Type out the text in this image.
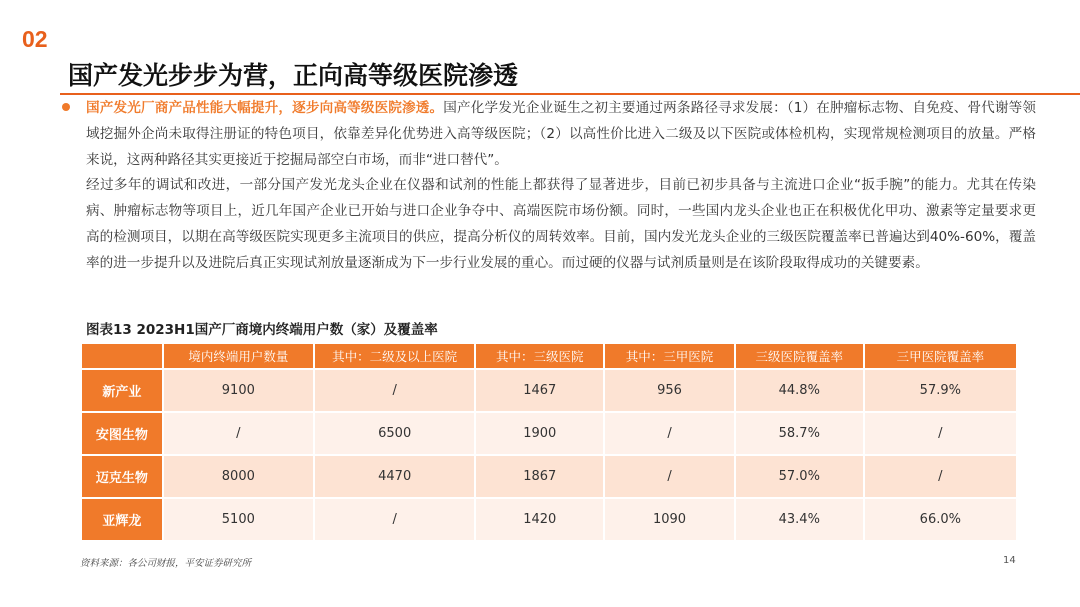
02
国产发光步步为营，正向高等级医院渗透

国产发光厂商产品性能大幅提升，逐步向高等级医院渗透。国产化学发光企业诞生之初主要通过两条路径寻求发展：（1）在肿瘤标志物、自免疫、骨代谢等领域挖掘外企尚未取得注册证的特色项目，依靠差异化优势进入高等级医院；（2）以高性价比进入二级及以下医院或体检机构，实现常规检测项目的放量。严格来说，这两种路径其实更接近于挖掘局部空白市场，而非“进口替代”。

经过多年的调试和改进，一部分国产发光龙头企业在仪器和试剂的性能上都获得了显著进步，目前已初步具备与主流进口企业“扳手腕”的能力。尤其在传染病、肿瘤标志物等项目上，近几年国产企业已开始与进口企业争夺中、高端医院市场份额。同时，一些国内龙头企业也正在积极优化甲功、激素等定量要求更高的检测项目，以期在高等级医院实现更多主流项目的供应，提高分析仪的周转效率。目前，国内发光龙头企业的三级医院覆盖率已普遍达到40%-60%，覆盖率的进一步提升以及进院后真正实现试剂放量逐渐成为下一步行业发展的重心。而过硬的仪器与试剂质量则是在该阶段取得成功的关键要素。

图表13 2023H1国产厂商境内终端用户数（家）及覆盖率
	境内终端用户数量	其中：二级及以上医院	其中：三级医院	其中：三甲医院	三级医院覆盖率	三甲医院覆盖率
新产业	9100	/	1467	956	44.8%	57.9%
安图生物	/	6500	1900	/	58.7%	/
迈克生物	8000	4470	1867	/	57.0%	/
亚辉龙	5100	/	1420	1090	43.4%	66.0%
资料来源：各公司财报，平安证券研究所	14
